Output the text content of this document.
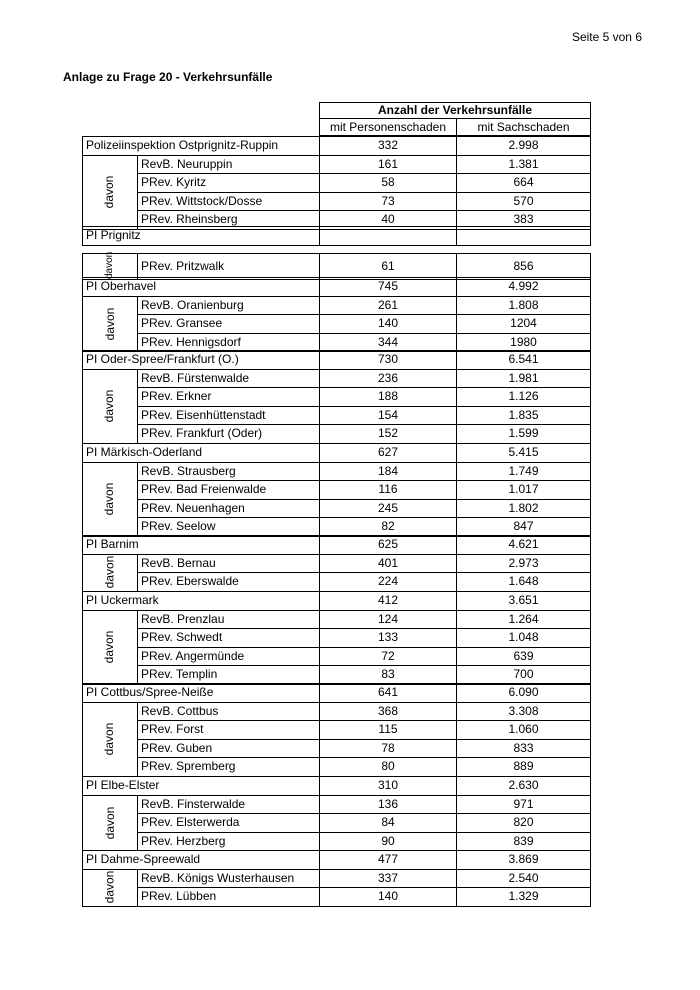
Seite 5 von 6
Anlage zu Frage 20 - Verkehrsunfälle
Anzahl der Verkehrsunfälle
mit Personenschaden	mit Sachschaden
Polizeiinspektion Ostprignitz-Ruppin	332	2.998
davon
RevB. Neuruppin	161	1.381
PRev. Kyritz	58	664
PRev. Wittstock/Dosse	73	570
PRev. Rheinsberg	40	383
PI Prignitz
davon	PRev. Pritzwalk	61	856
PI Oberhavel	745	4.992
davon
RevB. Oranienburg	261	1.808
PRev. Gransee	140	1204
PRev. Hennigsdorf	344	1980
PI Oder-Spree/Frankfurt (O.)	730	6.541
davon
RevB. Fürstenwalde	236	1.981
PRev. Erkner	188	1.126
PRev. Eisenhüttenstadt	154	1.835
PRev. Frankfurt (Oder)	152	1.599
PI Märkisch-Oderland	627	5.415
davon
RevB. Strausberg	184	1.749
PRev. Bad Freienwalde	116	1.017
PRev. Neuenhagen	245	1.802
PRev. Seelow	82	847
PI Barnim	625	4.621
davon	RevB. Bernau	401	2.973
PRev. Eberswalde	224	1.648
PI Uckermark	412	3.651
davon
RevB. Prenzlau	124	1.264
PRev. Schwedt	133	1.048
PRev. Angermünde	72	639
PRev. Templin	83	700
PI Cottbus/Spree-Neiße	641	6.090
davon
RevB. Cottbus	368	3.308
PRev. Forst	115	1.060
PRev. Guben	78	833
PRev. Spremberg	80	889
PI Elbe-Elster	310	2.630
davon
RevB. Finsterwalde	136	971
PRev. Elsterwerda	84	820
PRev. Herzberg	90	839
PI Dahme-Spreewald	477	3.869
davon	RevB. Königs Wusterhausen	337	2.540
PRev. Lübben	140	1.329
